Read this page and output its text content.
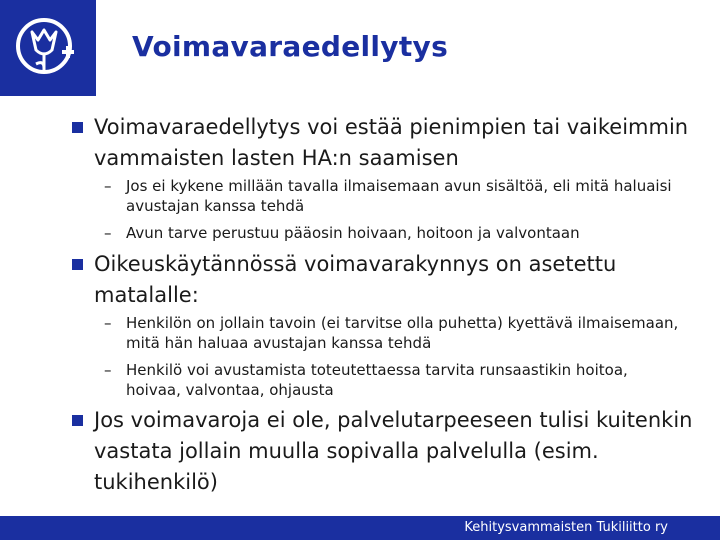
Voimavaraedellytys
Voimavaraedellytys voi estää pienimpien tai vaikeimmin vammaisten lasten HA:n saamisen
– Jos ei kykene millään tavalla ilmaisemaan avun sisältöä, eli mitä haluaisi avustajan kanssa tehdä
– Avun tarve perustuu pääosin hoivaan, hoitoon ja valvontaan
Oikeuskäytännössä voimavarakynnys on asetettu matalalle:
– Henkilön on jollain tavoin (ei tarvitse olla puhetta) kyettävä ilmaisemaan, mitä hän haluaa avustajan kanssa tehdä
– Henkilö voi avustamista toteutettaessa tarvita runsaastikin hoitoa, hoivaa, valvontaa, ohjausta
Jos voimavaroja ei ole, palvelutarpeeseen tulisi kuitenkin vastata jollain muulla sopivalla palvelulla (esim. tukihenkilö)
Kehitysvammaisten Tukiliitto ry
